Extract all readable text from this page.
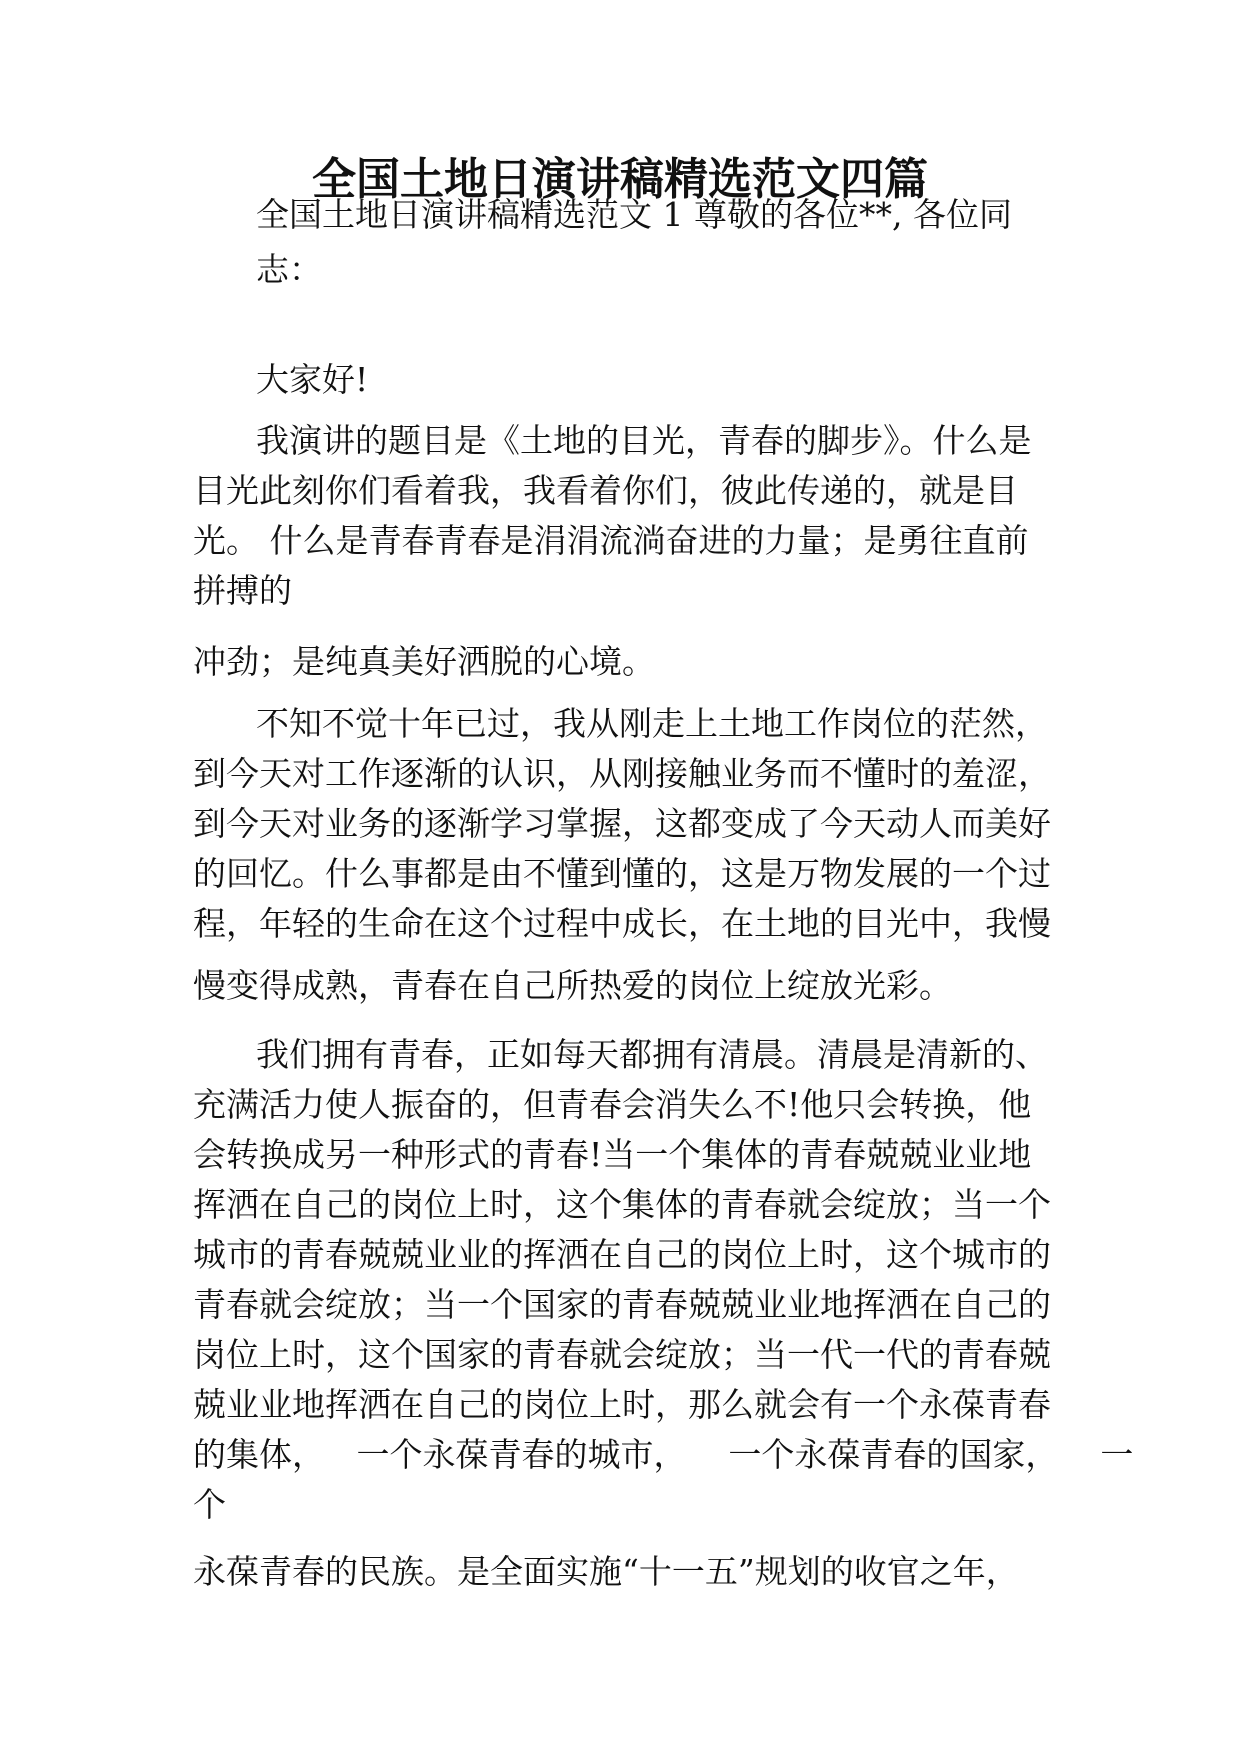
全国土地日演讲稿精选范文四篇

全国土地日演讲稿精选范文 1 尊敬的各位**, 各位同

志：

大家好!

我演讲的题目是《土地的目光，青春的脚步》。什么是

目光此刻你们看着我，我看着你们，彼此传递的，就是目

光。 什么是青春青春是涓涓流淌奋进的力量；是勇往直前

拼搏的

冲劲；是纯真美好洒脱的心境。

不知不觉十年已过，我从刚走上土地工作岗位的茫然，

到今天对工作逐渐的认识，从刚接触业务而不懂时的羞涩，

到今天对业务的逐渐学习掌握，这都变成了今天动人而美好

的回忆。什么事都是由不懂到懂的，这是万物发展的一个过

程，年轻的生命在这个过程中成长，在土地的目光中，我慢

慢变得成熟，青春在自己所热爱的岗位上绽放光彩。

我们拥有青春，正如每天都拥有清晨。清晨是清新的、

充满活力使人振奋的，但青春会消失么不!他只会转换，他

会转换成另一种形式的青春!当一个集体的青春兢兢业业地

挥洒在自己的岗位上时，这个集体的青春就会绽放；当一个

城市的青春兢兢业业的挥洒在自己的岗位上时，这个城市的

青春就会绽放；当一个国家的青春兢兢业业地挥洒在自己的

岗位上时，这个国家的青春就会绽放；当一代一代的青春兢

兢业业地挥洒在自己的岗位上时，那么就会有一个永葆青春

的集体，   一个永葆青春的城市，    一个永葆青春的国家，    一

个

永葆青春的民族。是全面实施“十一五”规划的收官之年，
